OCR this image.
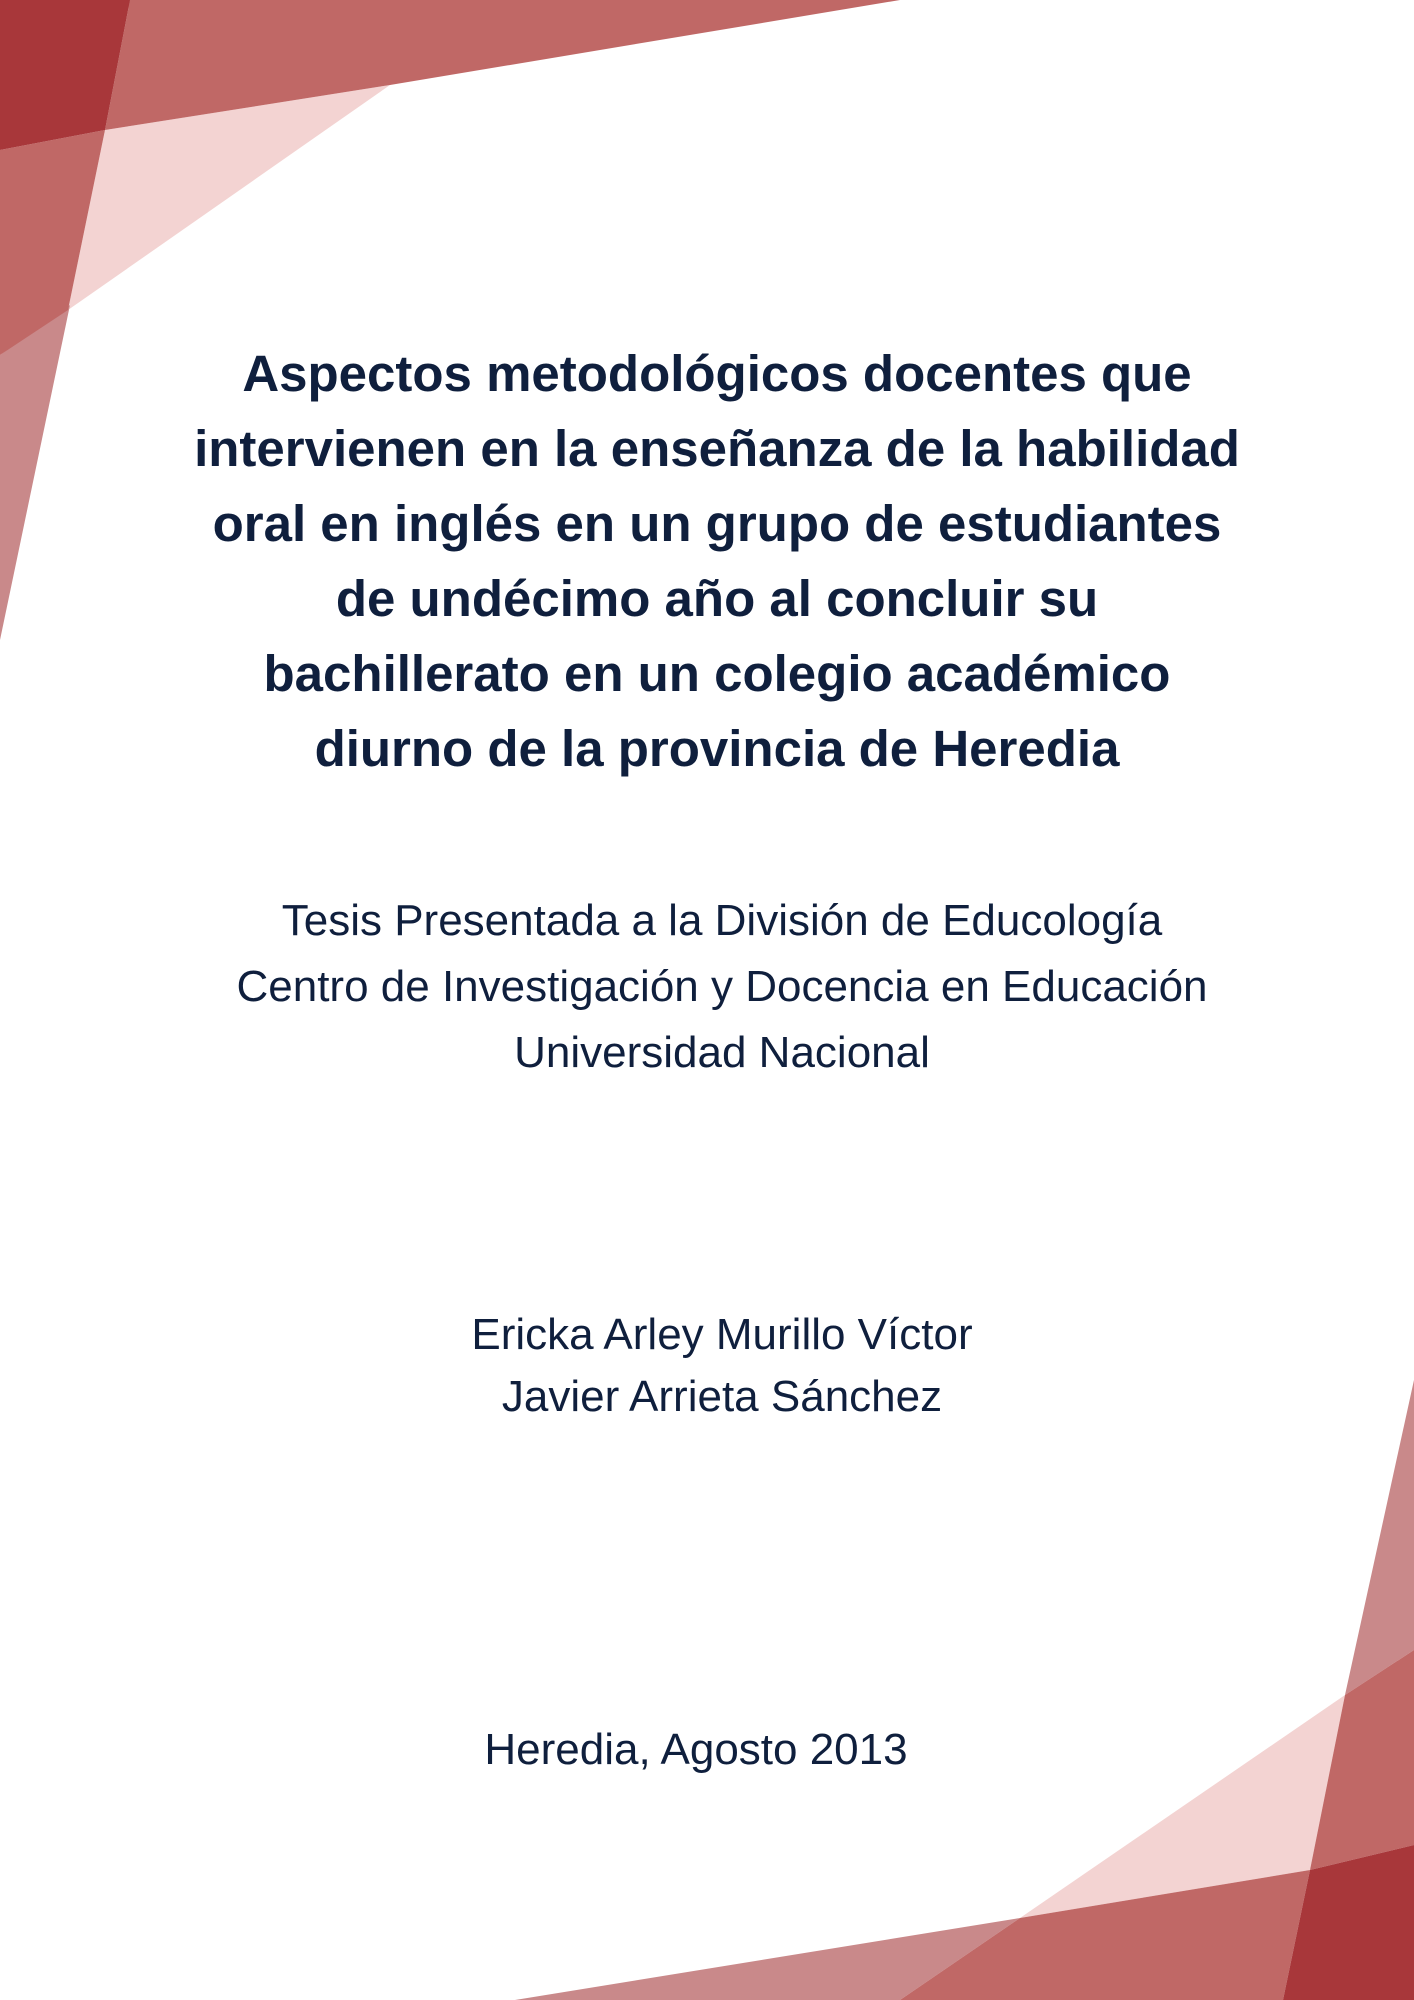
Aspectos metodológicos docentes que
intervienen en la enseñanza de la habilidad
oral en inglés en un grupo de estudiantes
de undécimo año al concluir su
bachillerato en un colegio académico
diurno de la provincia de Heredia
Tesis Presentada a la División de Educología
Centro de Investigación y Docencia en Educación
Universidad Nacional
Ericka Arley Murillo Víctor
Javier Arrieta Sánchez
Heredia, Agosto 2013
